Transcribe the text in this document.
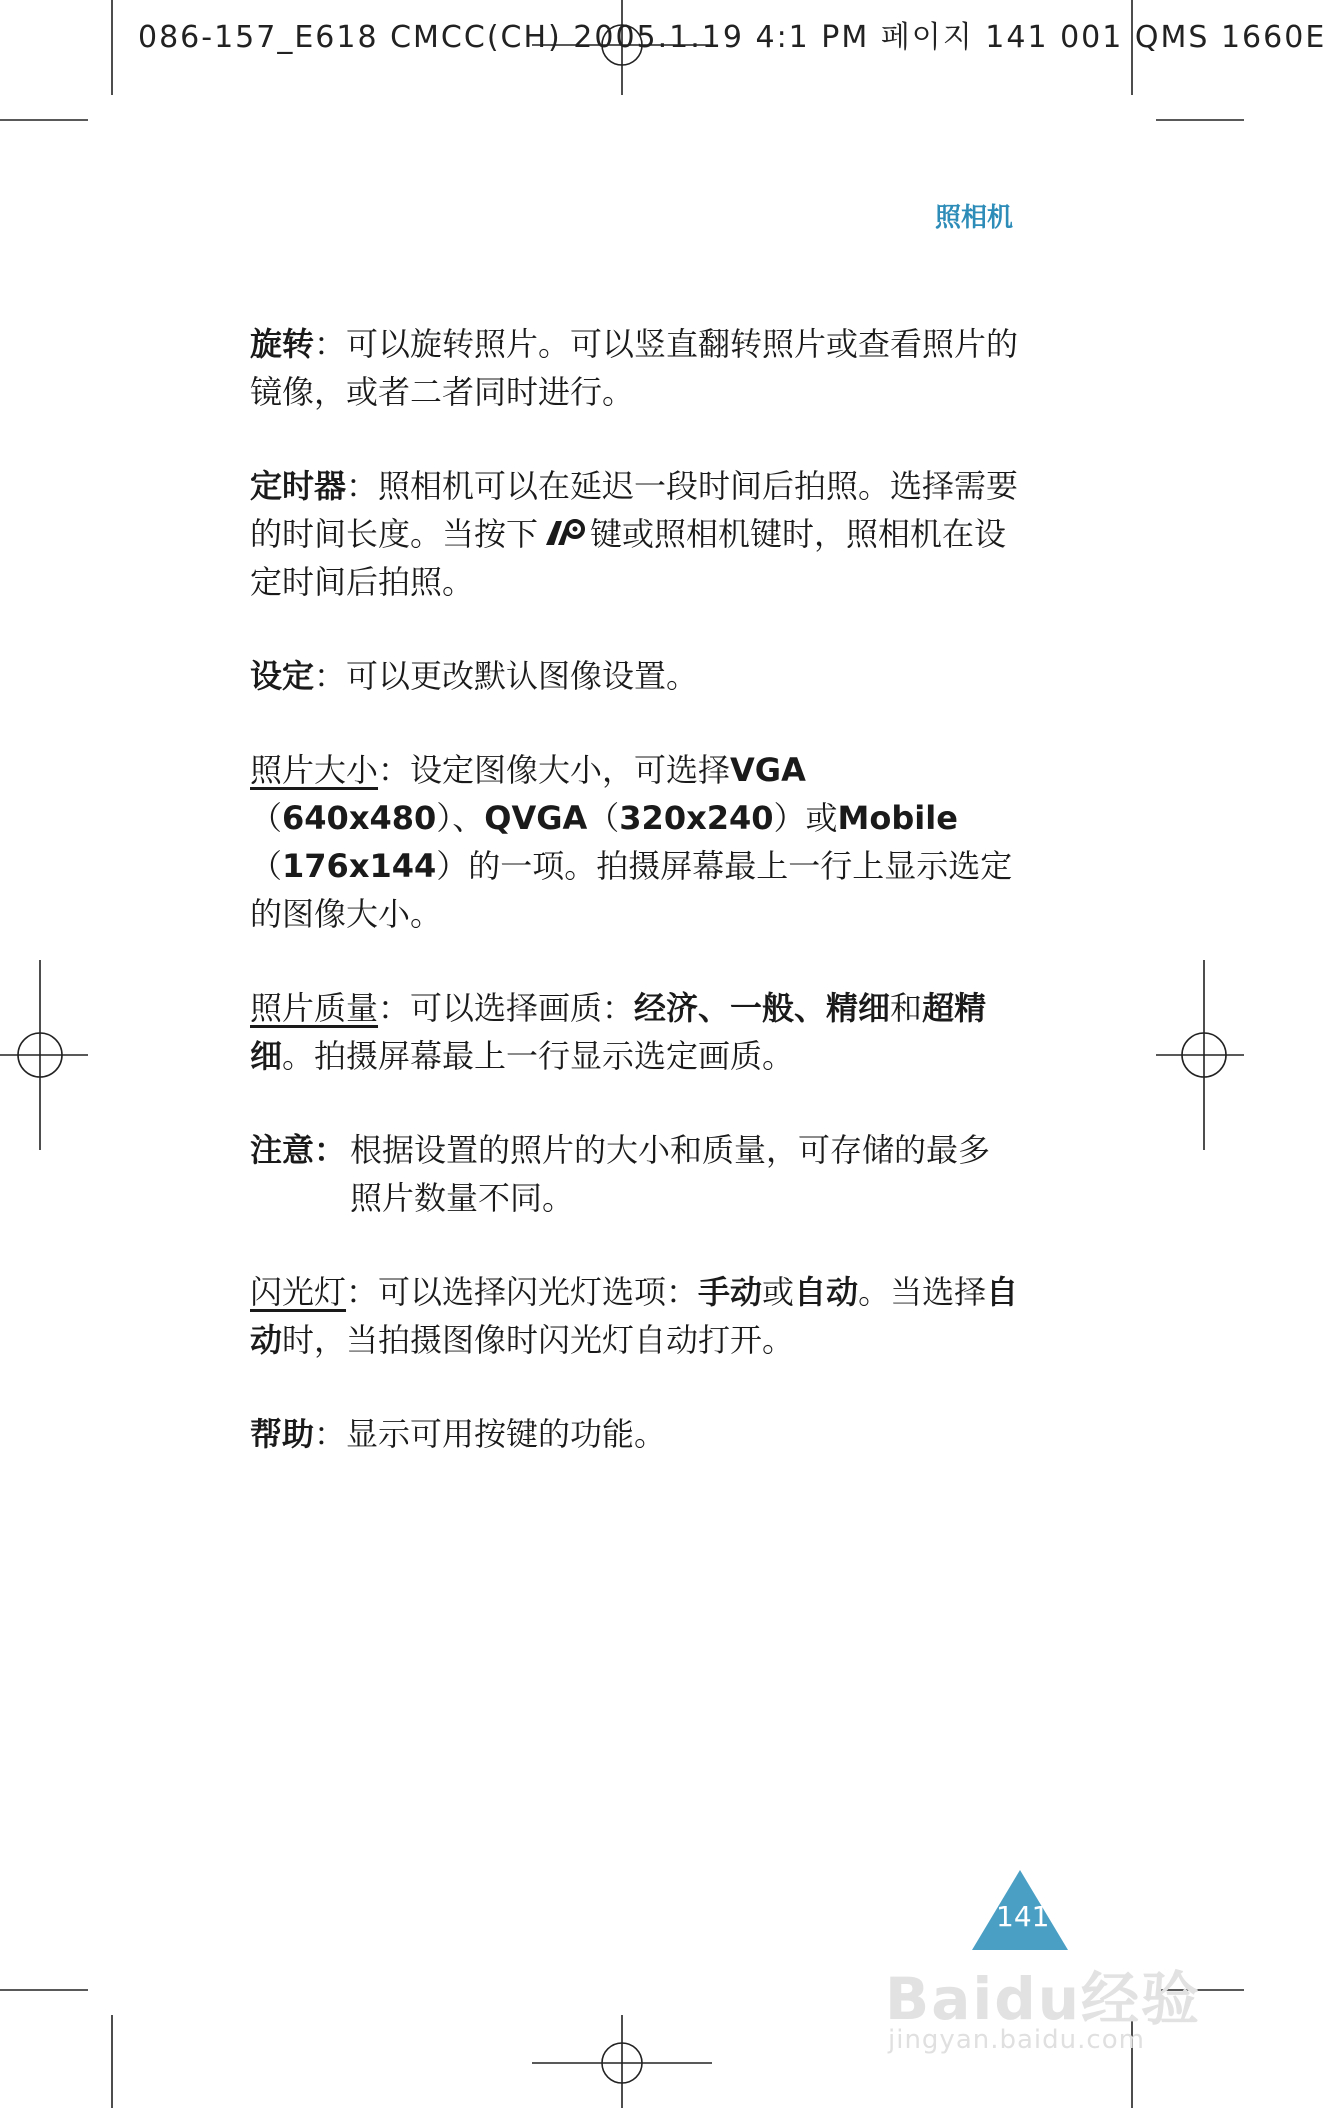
086-157_E618 CMCC(CH) 2005.1.19 4:1 PM 페이지 141 001 QMS 1660E
照相机

旋转：可以旋转照片。可以竖直翻转照片或查看照片的镜像，或者二者同时进行。

定时器：照相机可以在延迟一段时间后拍照。选择需要的时间长度。当按下 键或照相机键时，照相机在设定时间后拍照。

设定：可以更改默认图像设置。

照片大小：设定图像大小，可选择VGA（640x480）、QVGA（320x240）或Mobile（176x144）的一项。拍摄屏幕最上一行上显示选定的图像大小。

照片质量：可以选择画质：经济、一般、精细和超精细。拍摄屏幕最上一行显示选定画质。

注意： 根据设置的照片的大小和质量，可存储的最多照片数量不同。

闪光灯：可以选择闪光灯选项：手动或自动。当选择自动时，当拍摄图像时闪光灯自动打开。

帮助：显示可用按键的功能。

141
Baidu经验
jingyan.baidu.com
